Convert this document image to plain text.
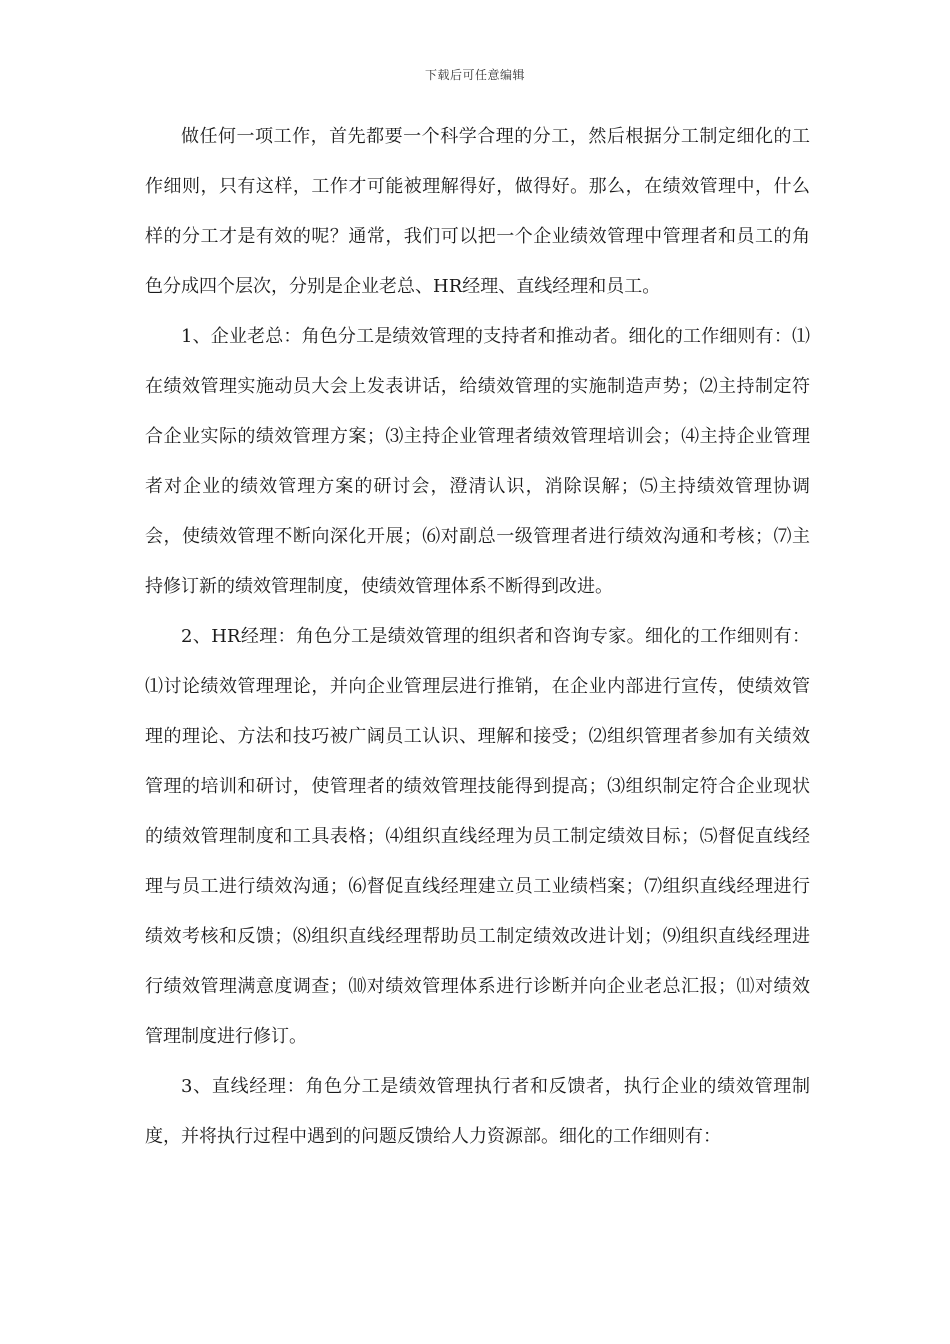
下载后可任意编辑

做任何一项工作，首先都要一个科学合理的分工，然后根据分工制定细化的工作细则，只有这样，工作才可能被理解得好，做得好。那么，在绩效管理中，什么样的分工才是有效的呢？通常，我们可以把一个企业绩效管理中管理者和员工的角色分成四个层次，分别是企业老总、HR经理、直线经理和员工。

1、企业老总：角色分工是绩效管理的支持者和推动者。细化的工作细则有：⑴在绩效管理实施动员大会上发表讲话，给绩效管理的实施制造声势；⑵主持制定符合企业实际的绩效管理方案；⑶主持企业管理者绩效管理培训会；⑷主持企业管理者对企业的绩效管理方案的研讨会，澄清认识，消除误解；⑸主持绩效管理协调会，使绩效管理不断向深化开展；⑹对副总一级管理者进行绩效沟通和考核；⑺主持修订新的绩效管理制度，使绩效管理体系不断得到改进。

2、HR经理：角色分工是绩效管理的组织者和咨询专家。细化的工作细则有：⑴讨论绩效管理理论，并向企业管理层进行推销，在企业内部进行宣传，使绩效管理的理论、方法和技巧被广阔员工认识、理解和接受；⑵组织管理者参加有关绩效管理的培训和研讨，使管理者的绩效管理技能得到提高；⑶组织制定符合企业现状的绩效管理制度和工具表格；⑷组织直线经理为员工制定绩效目标；⑸督促直线经理与员工进行绩效沟通；⑹督促直线经理建立员工业绩档案；⑺组织直线经理进行绩效考核和反馈；⑻组织直线经理帮助员工制定绩效改进计划；⑼组织直线经理进行绩效管理满意度调查；⑽对绩效管理体系进行诊断并向企业老总汇报；⑾对绩效管理制度进行修订。

3、直线经理：角色分工是绩效管理执行者和反馈者，执行企业的绩效管理制度，并将执行过程中遇到的问题反馈给人力资源部。细化的工作细则有：
